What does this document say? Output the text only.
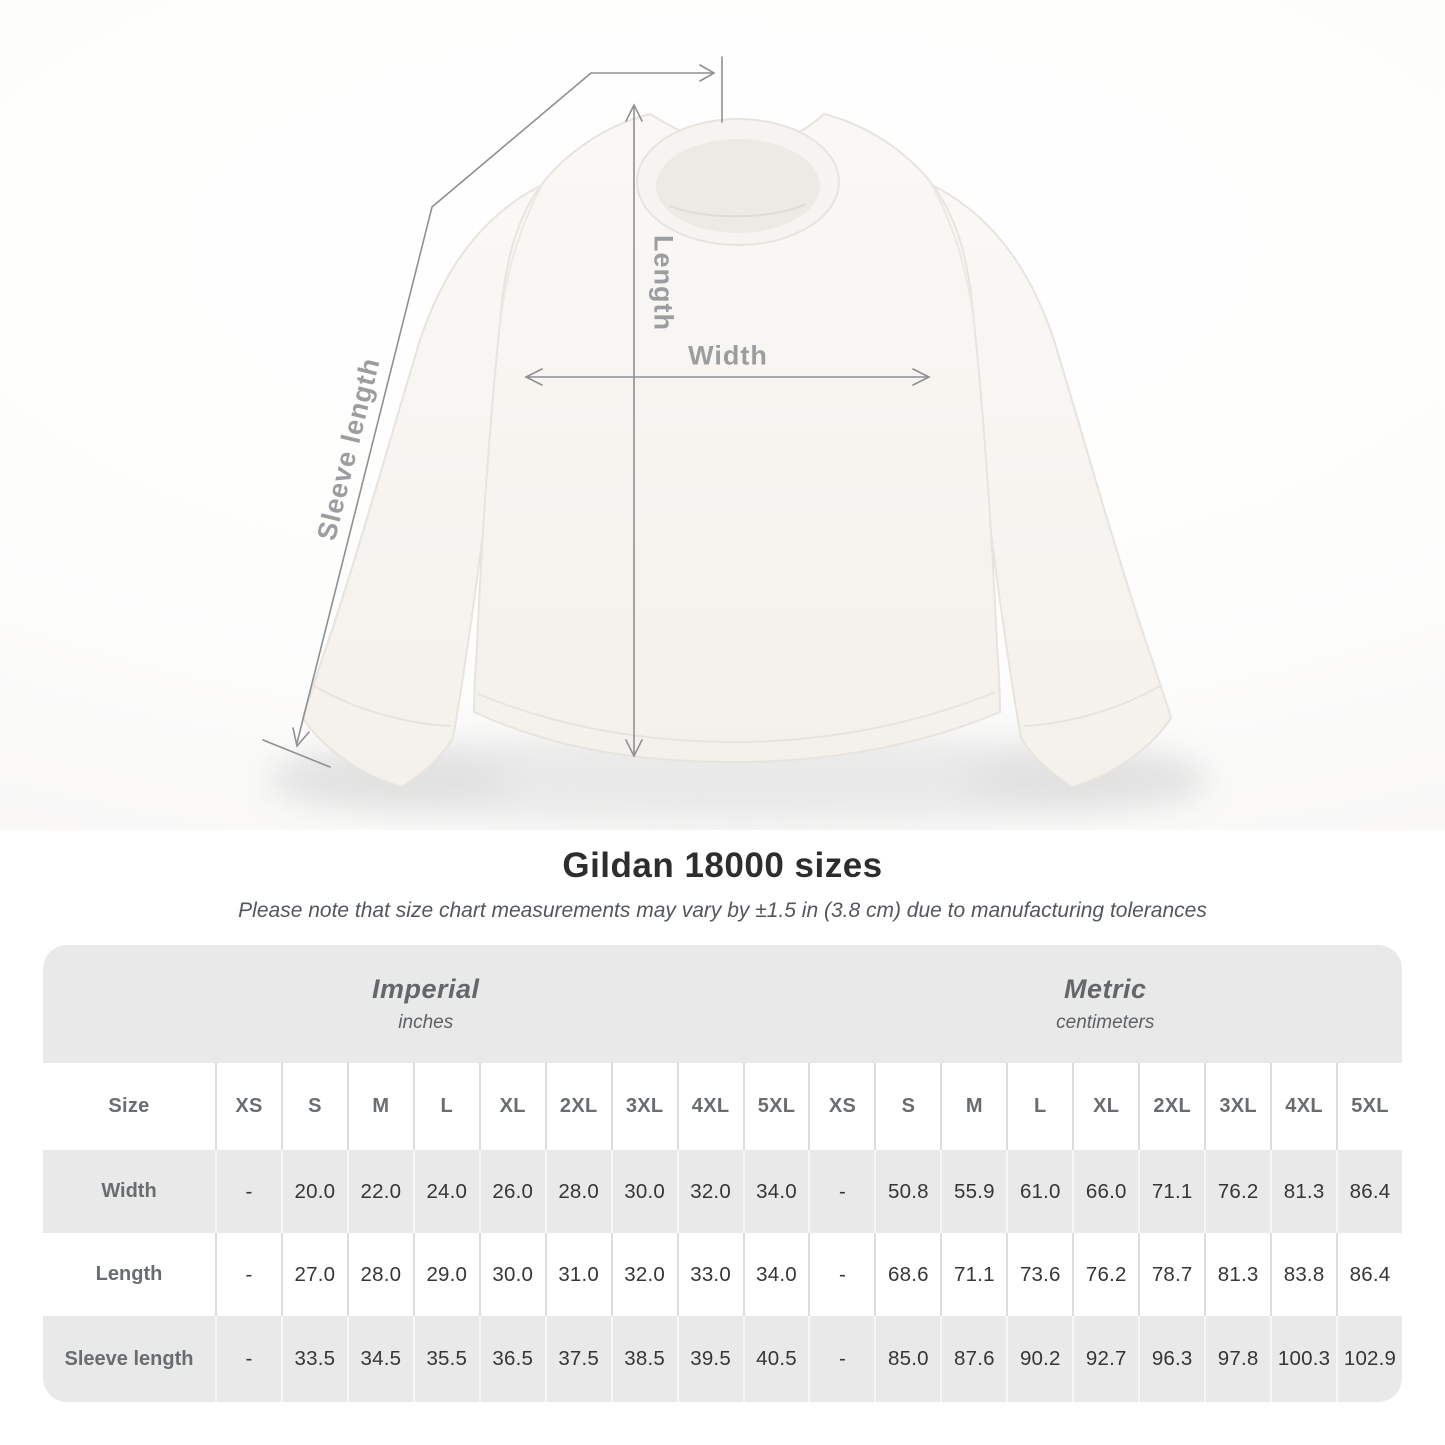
Length
Width
Sleeve length
Gildan 18000 sizes

Please note that size chart measurements may vary by ±1.5 in (3.8 cm) due to manufacturing tolerances

Imperial
inches
Metric
centimeters
Size	XS	S	M	L	XL	2XL	3XL	4XL	5XL	XS	S	M	L	XL	2XL	3XL	4XL	5XL
Width	-	20.0	22.0	24.0	26.0	28.0	30.0	32.0	34.0	-	50.8	55.9	61.0	66.0	71.1	76.2	81.3	86.4
Length	-	27.0	28.0	29.0	30.0	31.0	32.0	33.0	34.0	-	68.6	71.1	73.6	76.2	78.7	81.3	83.8	86.4
Sleeve length	-	33.5	34.5	35.5	36.5	37.5	38.5	39.5	40.5	-	85.0	87.6	90.2	92.7	96.3	97.8 100.3 102.9
